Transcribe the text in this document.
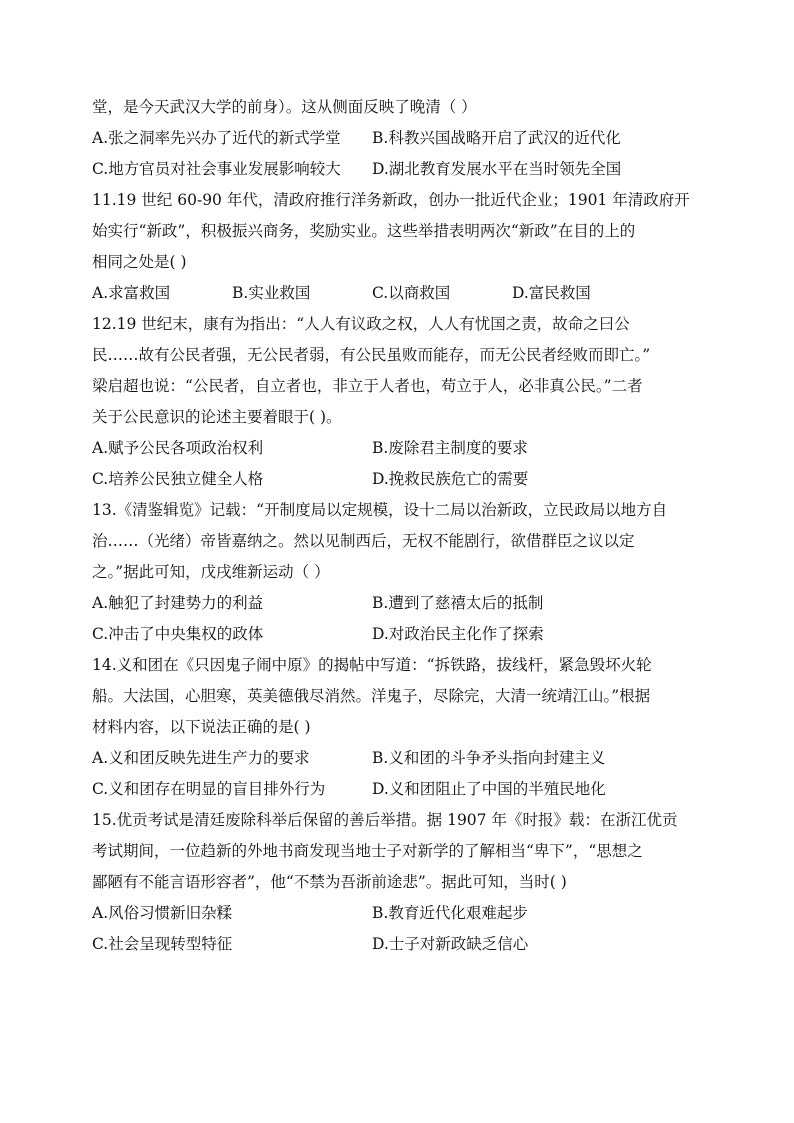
堂，是今天武汉大学的前身）。这从侧面反映了晚清（ ）
A.张之洞率先兴办了近代的新式学堂	B.科教兴国战略开启了武汉的近代化
C.地方官员对社会事业发展影响较大	D.湖北教育发展水平在当时领先全国
11.19 世纪 60-90 年代，清政府推行洋务新政，创办一批近代企业；1901 年清政府开
始实行“新政”，积极振兴商务，奖励实业。这些举措表明两次“新政”在目的上的
相同之处是( )
A.求富救国	B.实业救国	C.以商救国	D.富民救国
12.19 世纪末，康有为指出：“人人有议政之权，人人有忧国之责，故命之曰公
民……故有公民者强，无公民者弱，有公民虽败而能存，而无公民者经败而即亡。”
梁启超也说：“公民者，自立者也，非立于人者也，苟立于人，必非真公民。”二者
关于公民意识的论述主要着眼于( )。
A.赋予公民各项政治权利	B.废除君主制度的要求
C.培养公民独立健全人格	D.挽救民族危亡的需要
13.《清鉴辑览》记载：“开制度局以定规模，设十二局以治新政，立民政局以地方自
治……（光绪）帝皆嘉纳之。然以见制西后，无权不能剧行，欲借群臣之议以定
之。”据此可知，戊戌维新运动（ ）
A.触犯了封建势力的利益	B.遭到了慈禧太后的抵制
C.冲击了中央集权的政体	D.对政治民主化作了探索
14.义和团在《只因鬼子闹中原》的揭帖中写道：“拆铁路，拔线杆，紧急毁坏火轮
船。大法国，心胆寒，英美德俄尽消然。洋鬼子，尽除完，大清一统靖江山。”根据
材料内容，以下说法正确的是( )
A.义和团反映先进生产力的要求	B.义和团的斗争矛头指向封建主义
C.义和团存在明显的盲目排外行为	D.义和团阻止了中国的半殖民地化
15.优贡考试是清廷废除科举后保留的善后举措。据 1907 年《时报》载：在浙江优贡
考试期间，一位趋新的外地书商发现当地士子对新学的了解相当“卑下”，“思想之
鄙陋有不能言语形容者”，他“不禁为吾浙前途悲”。据此可知，当时( )
A.风俗习惯新旧杂糅	B.教育近代化艰难起步
C.社会呈现转型特征	D.士子对新政缺乏信心
